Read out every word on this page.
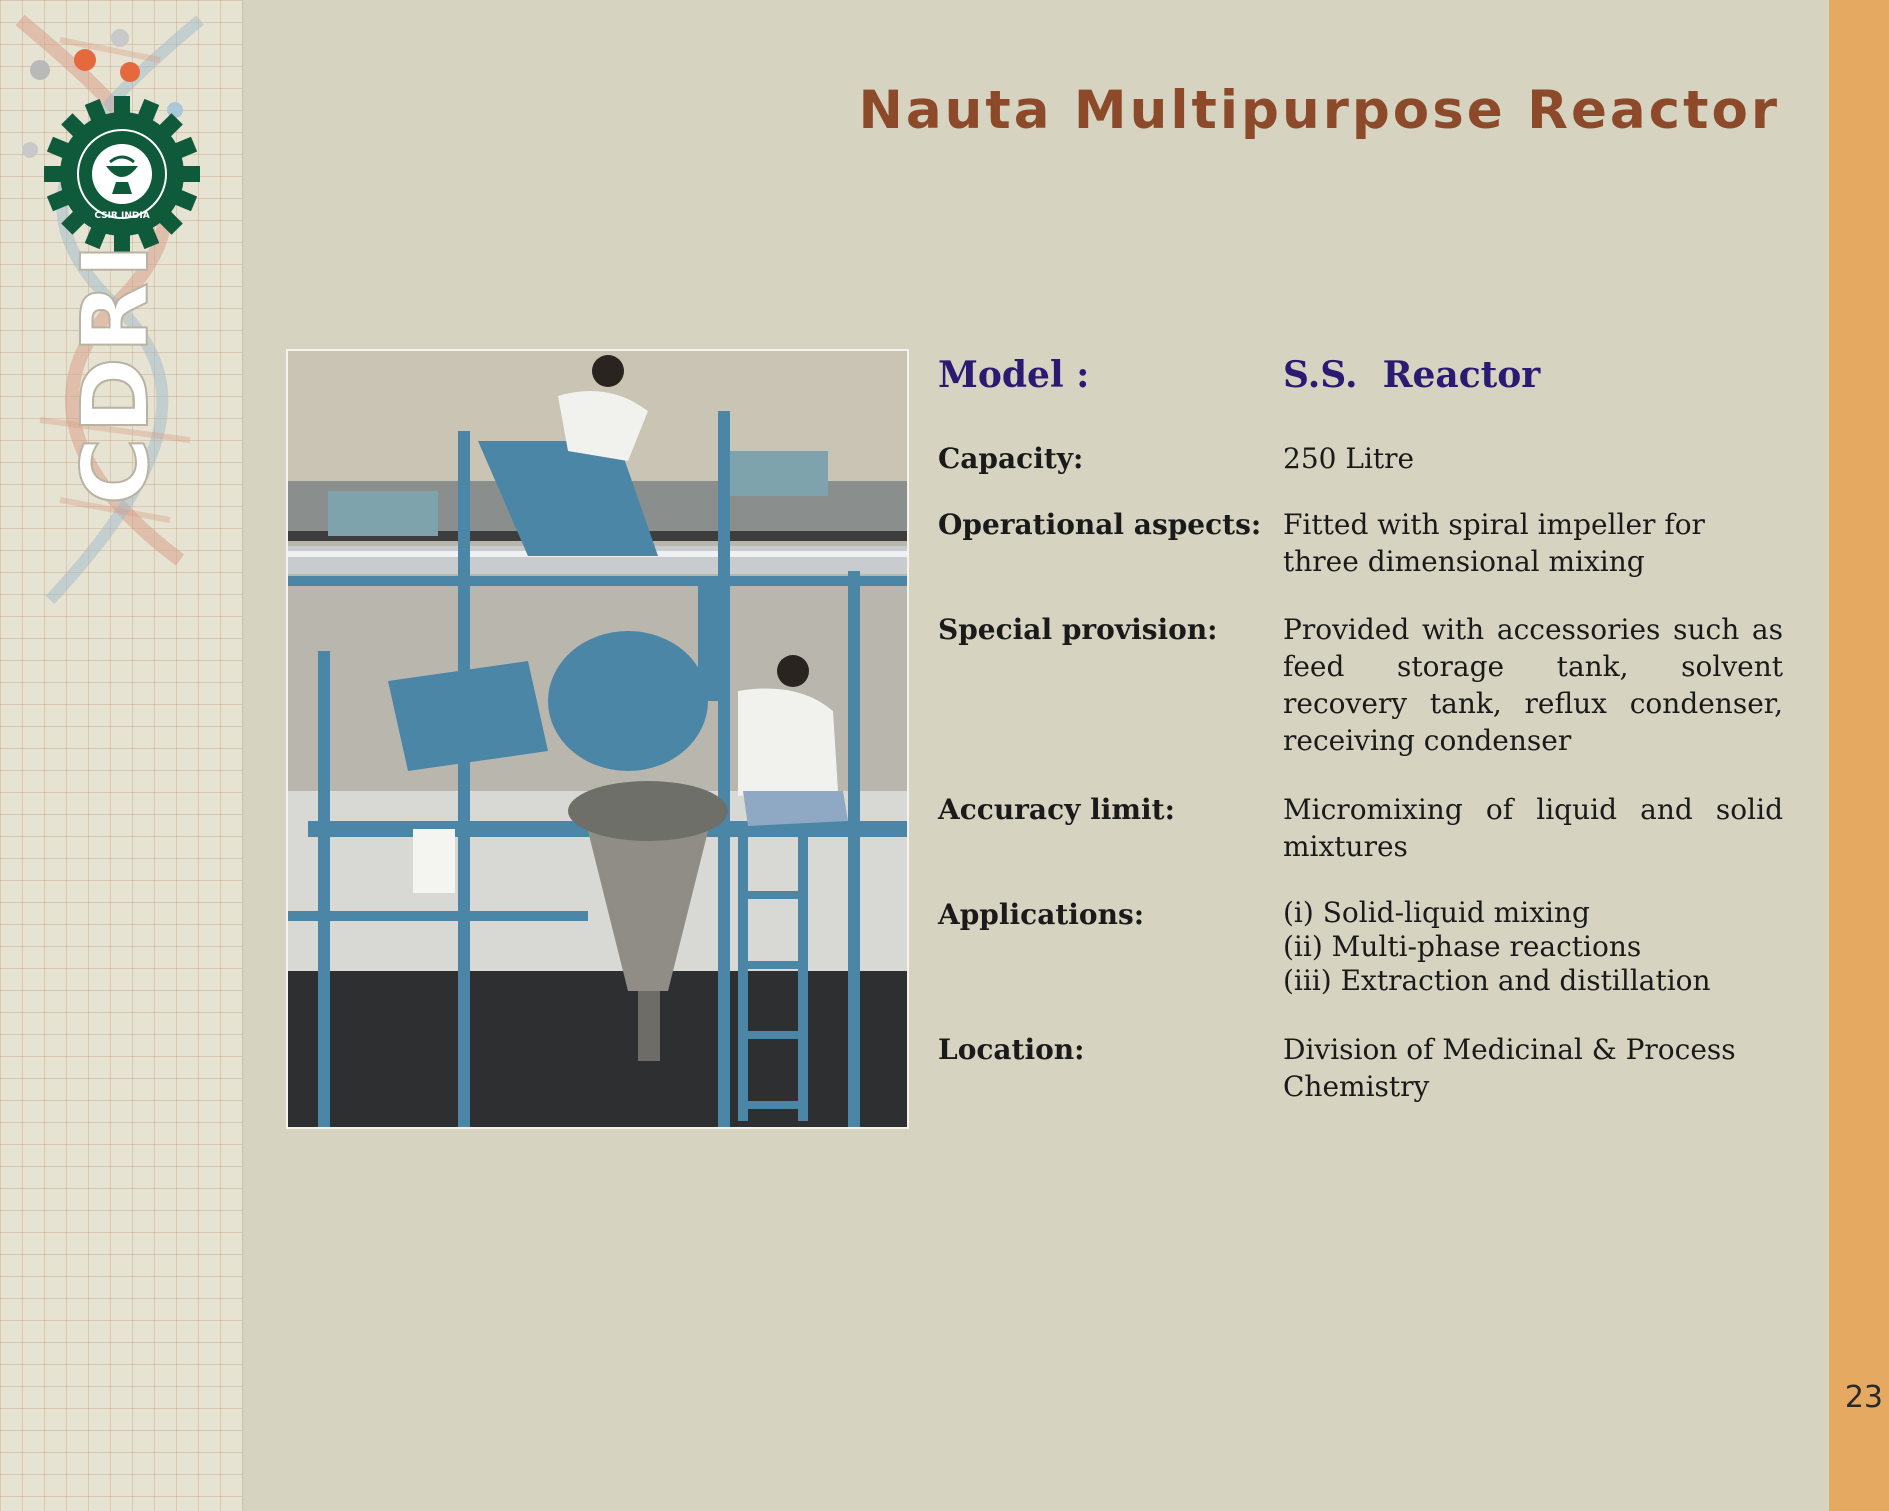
CSIR INDIA
CDRI
23
Nauta Multipurpose Reactor
Model :	S.S.  Reactor
Capacity:	250 Litre
Operational aspects: Fitted with spiral impeller for three dimensional mixing
Special provision:	Provided with accessories such as feed storage tank, solvent recovery tank, reflux condenser, receiving condenser
Accuracy limit:	Micromixing of liquid and solid mixtures
Applications:	(i) Solid-liquid mixing
(ii) Multi-phase reactions
(iii) Extraction and distillation
Location:	Division of Medicinal & Process Chemistry
